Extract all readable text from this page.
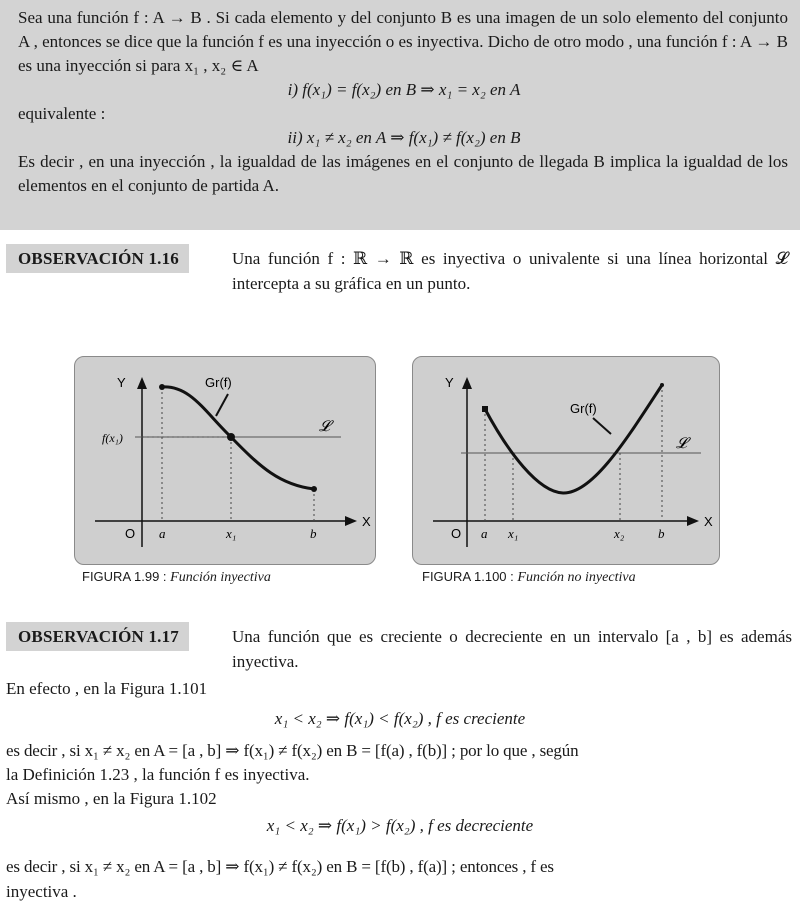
Sea una función f : A → B . Si cada elemento y del conjunto B es una imagen de un solo elemento del conjunto A , entonces se dice que la función f es una inyección o es inyectiva. Dicho de otro modo , una función f : A → B es una inyección si para x₁ , x₂ ∈ A

i) f(x₁) = f(x₂) en B ⇒ x₁ = x₂ en A

equivalente :

ii) x₁ ≠ x₂ en A ⇒ f(x₁) ≠ f(x₂) en B

Es decir , en una inyección , la igualdad de las imágenes en el conjunto de llegada B implica la igualdad de los elementos en el conjunto de partida A.

OBSERVACIÓN 1.16	Una función f : ℝ → ℝ es inyectiva o univalente si una línea horizontal 𝓛 intercepta a su gráfica en un punto.
Y
X
O
Gr(f)
𝓛
f(x₁)
a	x₁	b
FIGURA 1.99 : Función inyectiva
Y
X
O
Gr(f)
𝓛
a x₁	x₂	b
FIGURA 1.100 : Función no inyectiva
OBSERVACIÓN 1.17	Una función que es creciente o decreciente en un intervalo [a , b] es además inyectiva.
En efecto , en la Figura 1.101
x₁ < x₂ ⇒ f(x₁) < f(x₂) , f es creciente
es decir , si x₁ ≠ x₂ en A = [a , b] ⇒ f(x₁) ≠ f(x₂) en B = [f(a) , f(b)] ; por lo que , según
la Definición 1.23 , la función f es inyectiva.
Así mismo , en la Figura 1.102
x₁ < x₂ ⇒ f(x₁) > f(x₂) , f es decreciente
es decir , si x₁ ≠ x₂ en A = [a , b] ⇒ f(x₁) ≠ f(x₂) en B = [f(b) , f(a)] ; entonces , f es
inyectiva .
